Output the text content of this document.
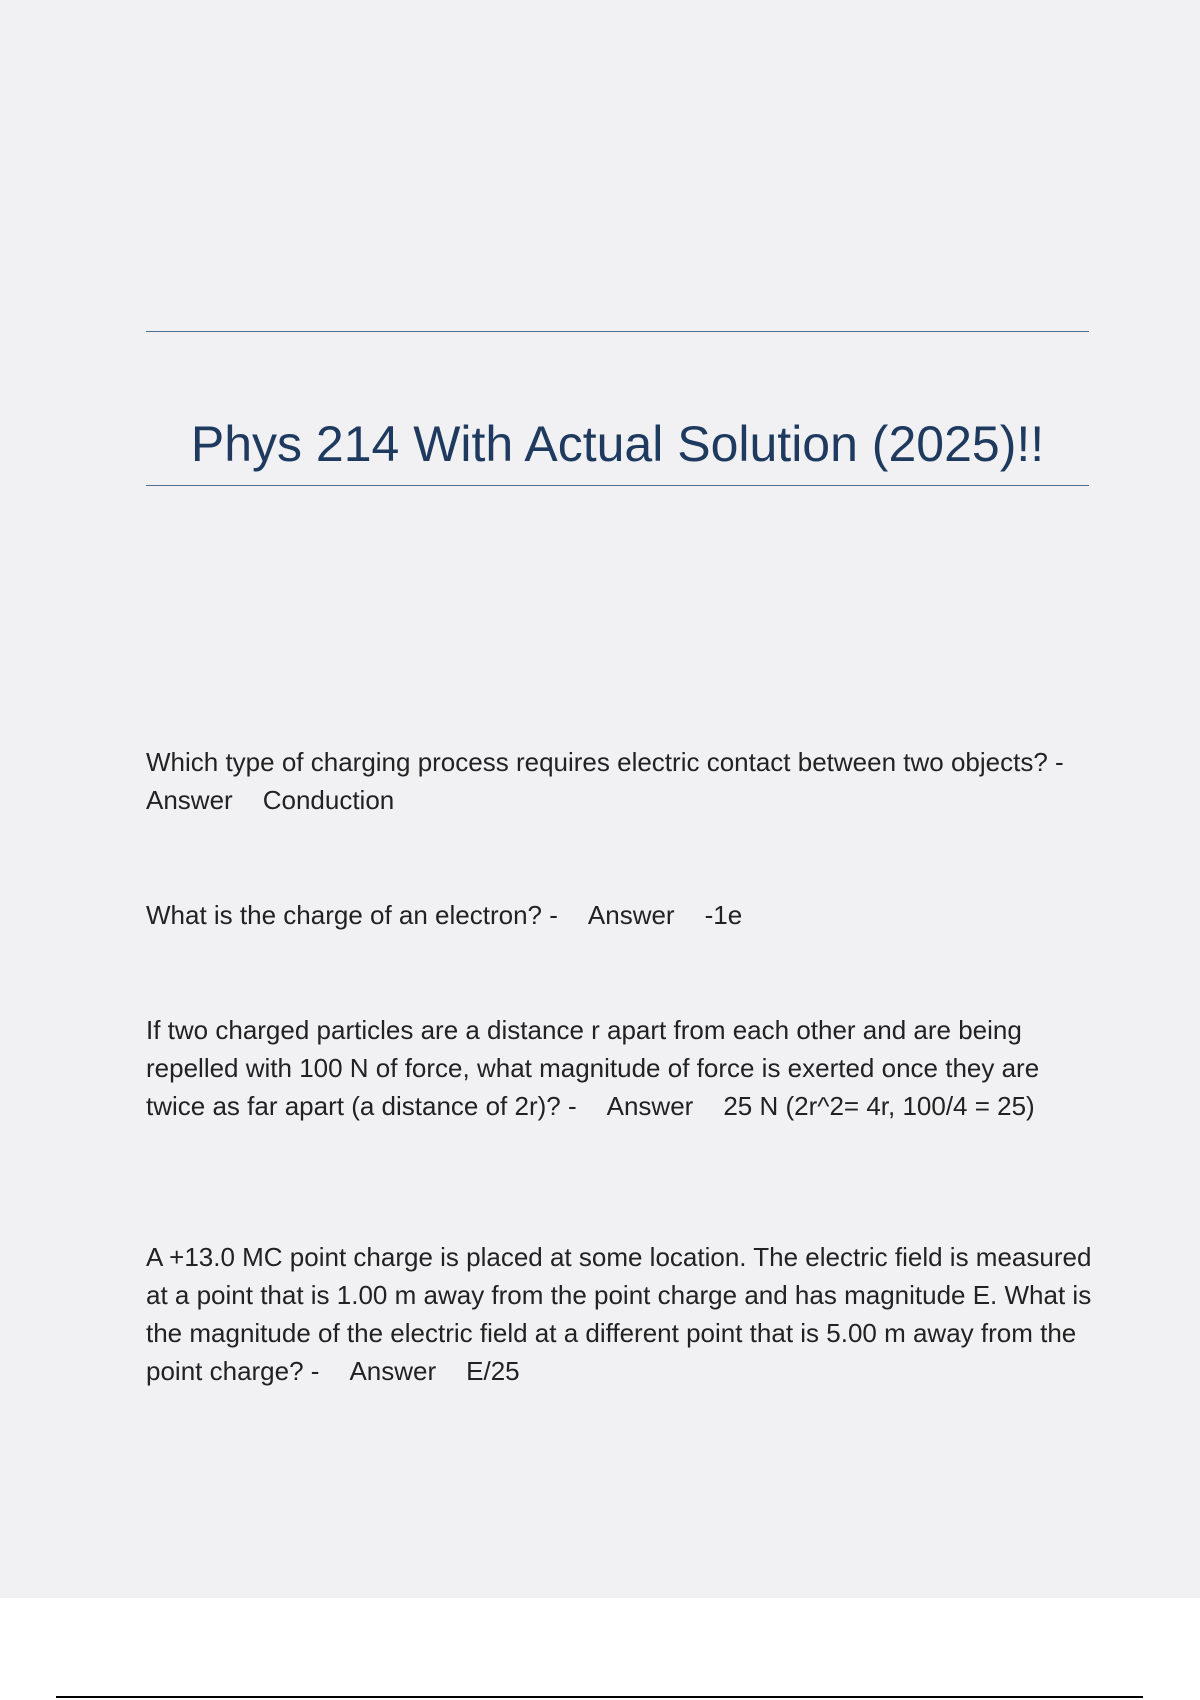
Phys 214 With Actual Solution (2025)!!

Which type of charging process requires electric contact between two objects? -Answer Conduction

What is the charge of an electron? - Answer -1e

If two charged particles are a distance r apart from each other and are being repelled with 100 N of force, what magnitude of force is exerted once they are twice as far apart (a distance of 2r)? - Answer 25 N (2r^2= 4r, 100/4 = 25)

A +13.0 MC point charge is placed at some location. The electric field is measured at a point that is 1.00 m away from the point charge and has magnitude E. What is the magnitude of the electric field at a different point that is 5.00 m away from the point charge? - Answer E/25
